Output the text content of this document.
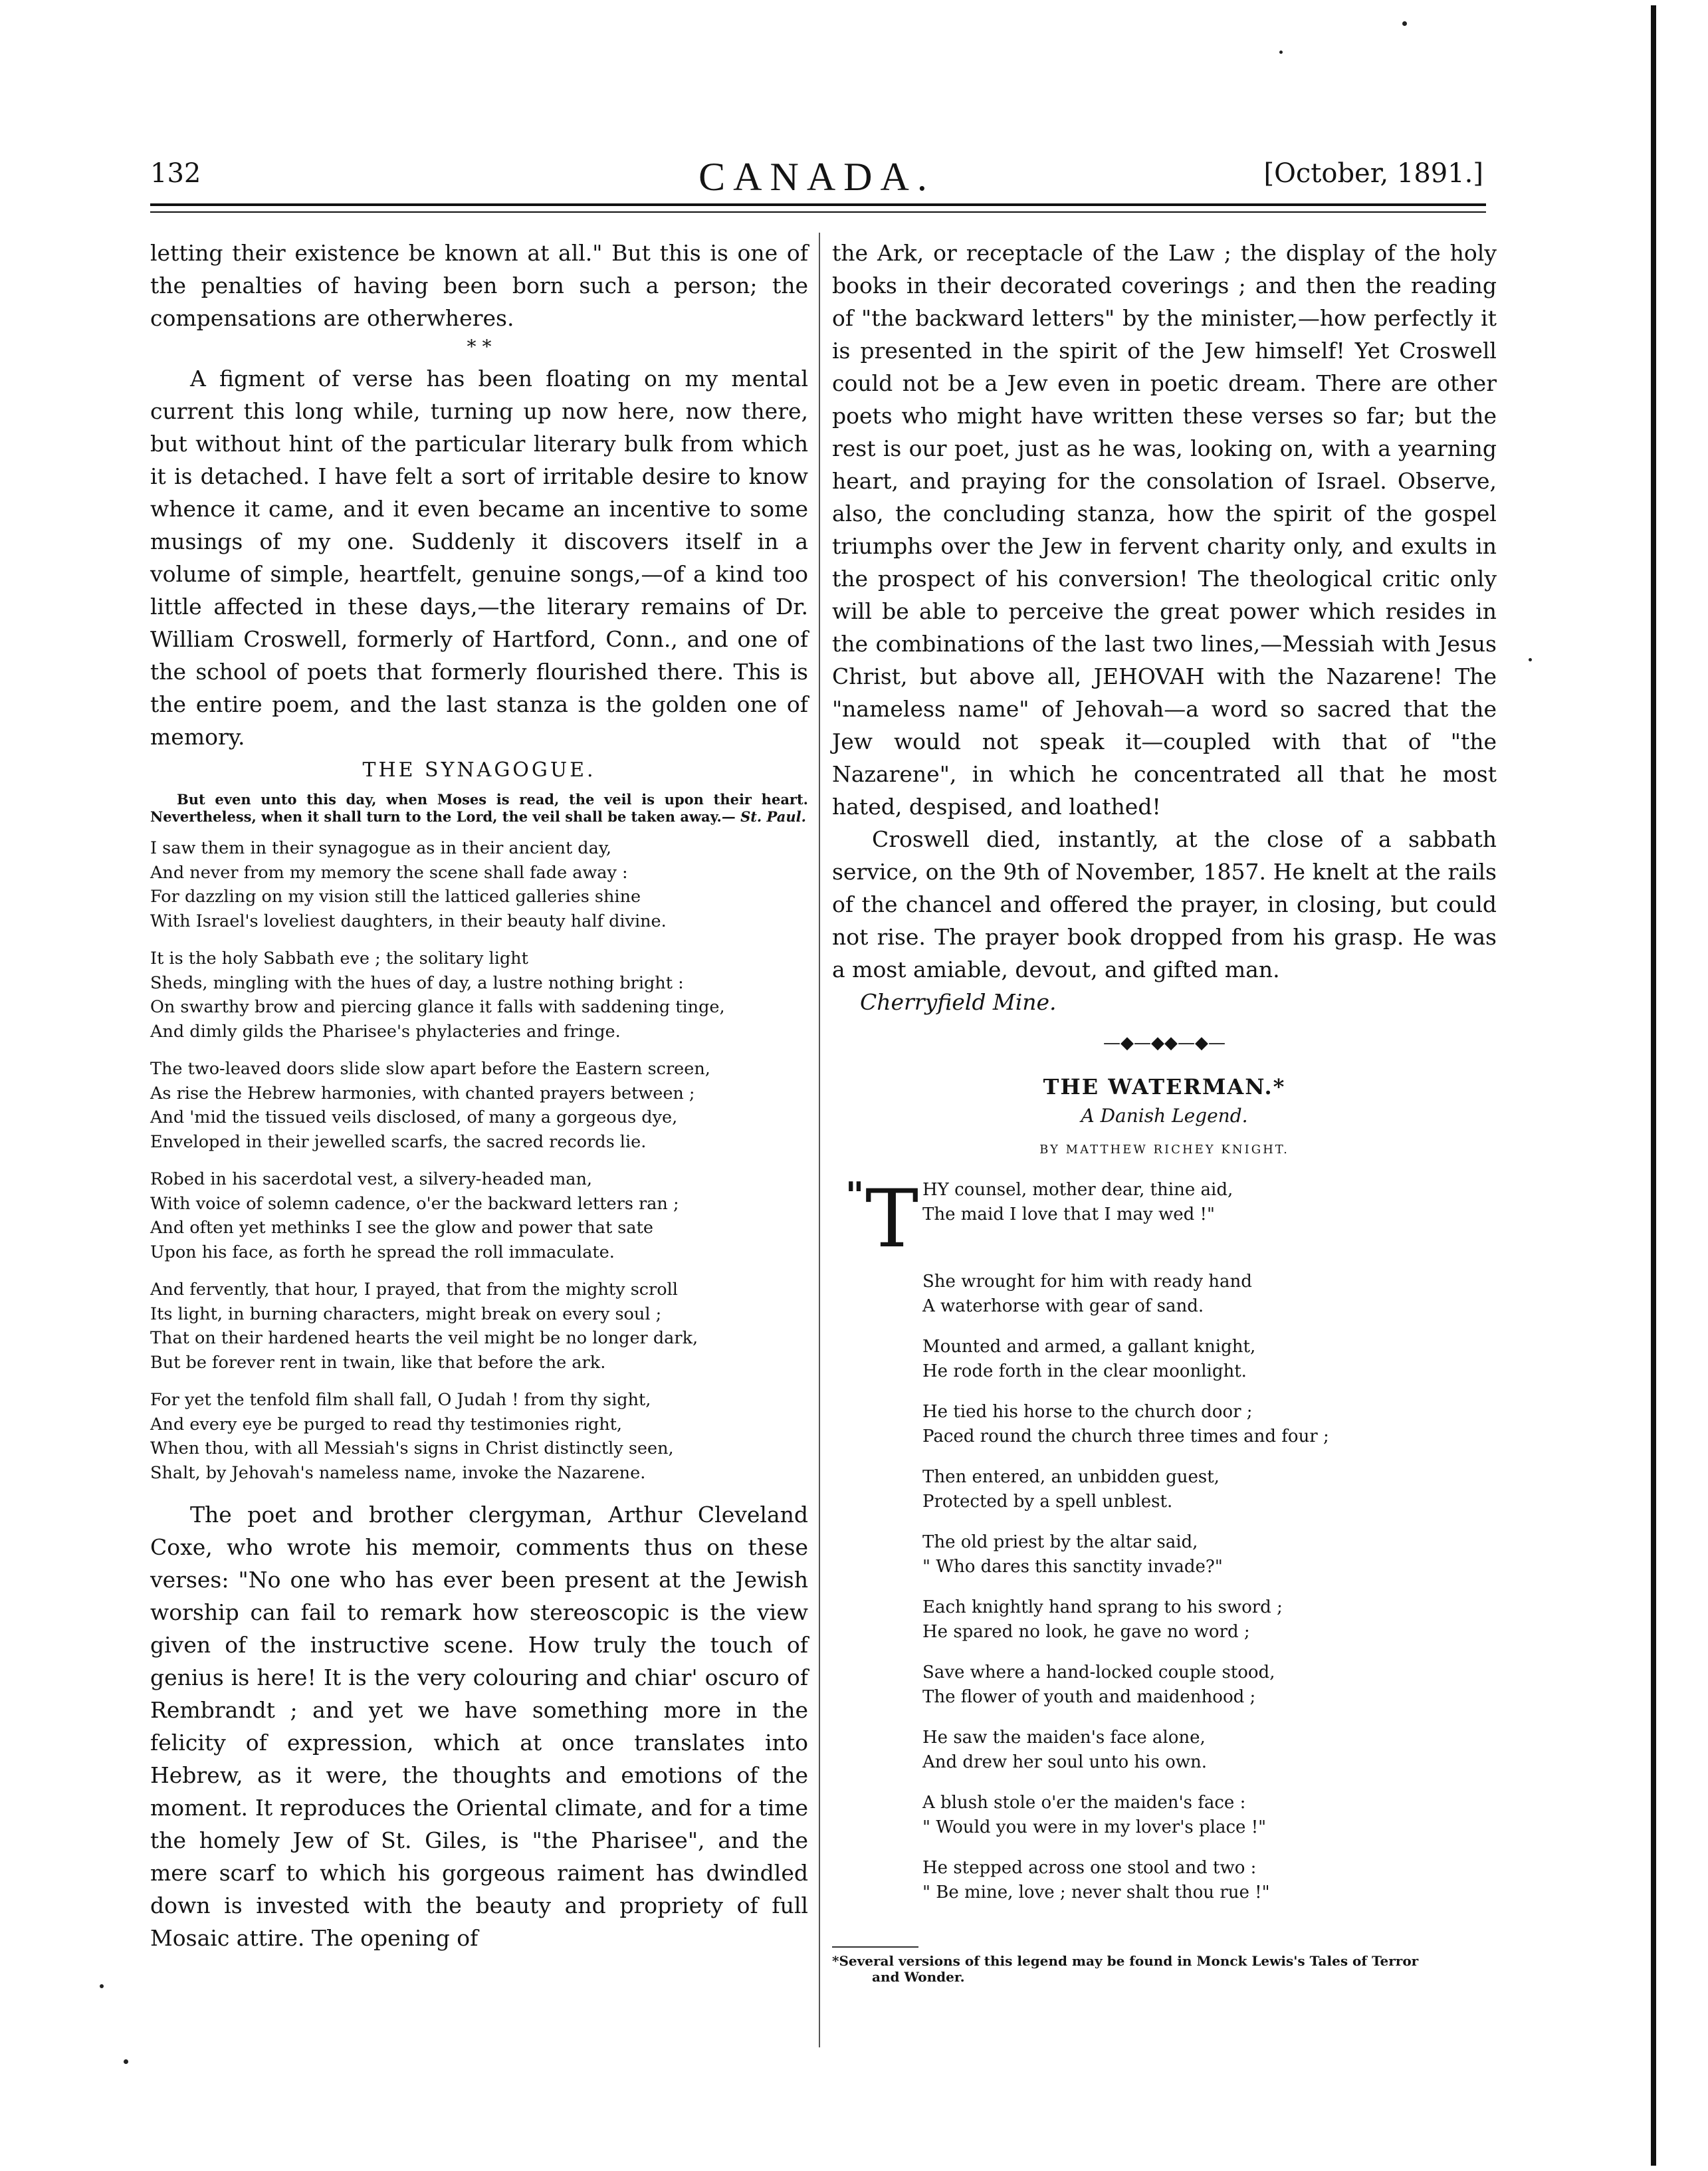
132	CANADA.	[October, 1891.]

letting their existence be known at all." But this is one of the penalties of having been born such a person; the compensations are otherwheres.

* *

A figment of verse has been floating on my mental current this long while, turning up now here, now there, but without hint of the particular literary bulk from which it is detached. I have felt a sort of irritable desire to know whence it came, and it even became an incentive to some musings of my one. Suddenly it discovers itself in a volume of simple, heartfelt, genuine songs,—of a kind too little affected in these days,—the literary remains of Dr. William Croswell, formerly of Hartford, Conn., and one of the school of poets that formerly flourished there. This is the entire poem, and the last stanza is the golden one of memory.

THE SYNAGOGUE.

But even unto this day, when Moses is read, the veil is upon their heart. Nevertheless, when it shall turn to the Lord, the veil shall be taken away.— St. Paul.

I saw them in their synagogue as in their ancient day,
And never from my memory the scene shall fade away :
For dazzling on my vision still the latticed galleries shine
With Israel's loveliest daughters, in their beauty half divine.
It is the holy Sabbath eve ; the solitary light
Sheds, mingling with the hues of day, a lustre nothing bright :
On swarthy brow and piercing glance it falls with saddening tinge,
And dimly gilds the Pharisee's phylacteries and fringe.
The two-leaved doors slide slow apart before the Eastern screen,
As rise the Hebrew harmonies, with chanted prayers between ;
And 'mid the tissued veils disclosed, of many a gorgeous dye,
Enveloped in their jewelled scarfs, the sacred records lie.
Robed in his sacerdotal vest, a silvery-headed man,
With voice of solemn cadence, o'er the backward letters ran ;
And often yet methinks I see the glow and power that sate
Upon his face, as forth he spread the roll immaculate.
And fervently, that hour, I prayed, that from the mighty scroll
Its light, in burning characters, might break on every soul ;
That on their hardened hearts the veil might be no longer dark,
But be forever rent in twain, like that before the ark.
For yet the tenfold film shall fall, O Judah ! from thy sight,
And every eye be purged to read thy testimonies right,
When thou, with all Messiah's signs in Christ distinctly seen,
Shalt, by Jehovah's nameless name, invoke the Nazarene.

The poet and brother clergyman, Arthur Cleveland Coxe, who wrote his memoir, comments thus on these verses: "No one who has ever been present at the Jewish worship can fail to remark how stereoscopic is the view given of the instructive scene. How truly the touch of genius is here! It is the very colouring and chiar' oscuro of Rembrandt ; and yet we have something more in the felicity of expression, which at once translates into Hebrew, as it were, the thoughts and emotions of the moment. It reproduces the Oriental climate, and for a time the homely Jew of St. Giles, is "the Pharisee", and the mere scarf to which his gorgeous raiment has dwindled down is invested with the beauty and propriety of full Mosaic attire. The opening of

the Ark, or receptacle of the Law ; the display of the holy books in their decorated coverings ; and then the reading of "the backward letters" by the minister,—how perfectly it is presented in the spirit of the Jew himself! Yet Croswell could not be a Jew even in poetic dream. There are other poets who might have written these verses so far; but the rest is our poet, just as he was, looking on, with a yearning heart, and praying for the consolation of Israel. Observe, also, the concluding stanza, how the spirit of the gospel triumphs over the Jew in fervent charity only, and exults in the prospect of his conversion! The theological critic only will be able to perceive the great power which resides in the combinations of the last two lines,—Messiah with Jesus Christ, but above all, JEHOVAH with the Nazarene! The "nameless name" of Jehovah—a word so sacred that the Jew would not speak it—coupled with that of "the Nazarene", in which he concentrated all that he most hated, despised, and loathed!

Croswell died, instantly, at the close of a sabbath service, on the 9th of November, 1857. He knelt at the rails of the chancel and offered the prayer, in closing, but could not rise. The prayer book dropped from his grasp. He was a most amiable, devout, and gifted man.

Cherryfield Mine.
—◆—◆◆—◆—
THE WATERMAN.*
A Danish Legend.
BY MATTHEW RICHEY KNIGHT.
" T HY counsel, mother dear, thine aid,
The maid I love that I may wed !"
She wrought for him with ready hand
A waterhorse with gear of sand.
Mounted and armed, a gallant knight,
He rode forth in the clear moonlight.
He tied his horse to the church door ;
Paced round the church three times and four ;
Then entered, an unbidden guest,
Protected by a spell unblest.
The old priest by the altar said,
" Who dares this sanctity invade?"
Each knightly hand sprang to his sword ;
He spared no look, he gave no word ;
Save where a hand-locked couple stood,
The flower of youth and maidenhood ;
He saw the maiden's face alone,
And drew her soul unto his own.
A blush stole o'er the maiden's face :
" Would you were in my lover's place !"
He stepped across one stool and two :
" Be mine, love ; never shalt thou rue !"
*Several versions of this legend may be found in Monck Lewis's Tales of Terror
and Wonder.
